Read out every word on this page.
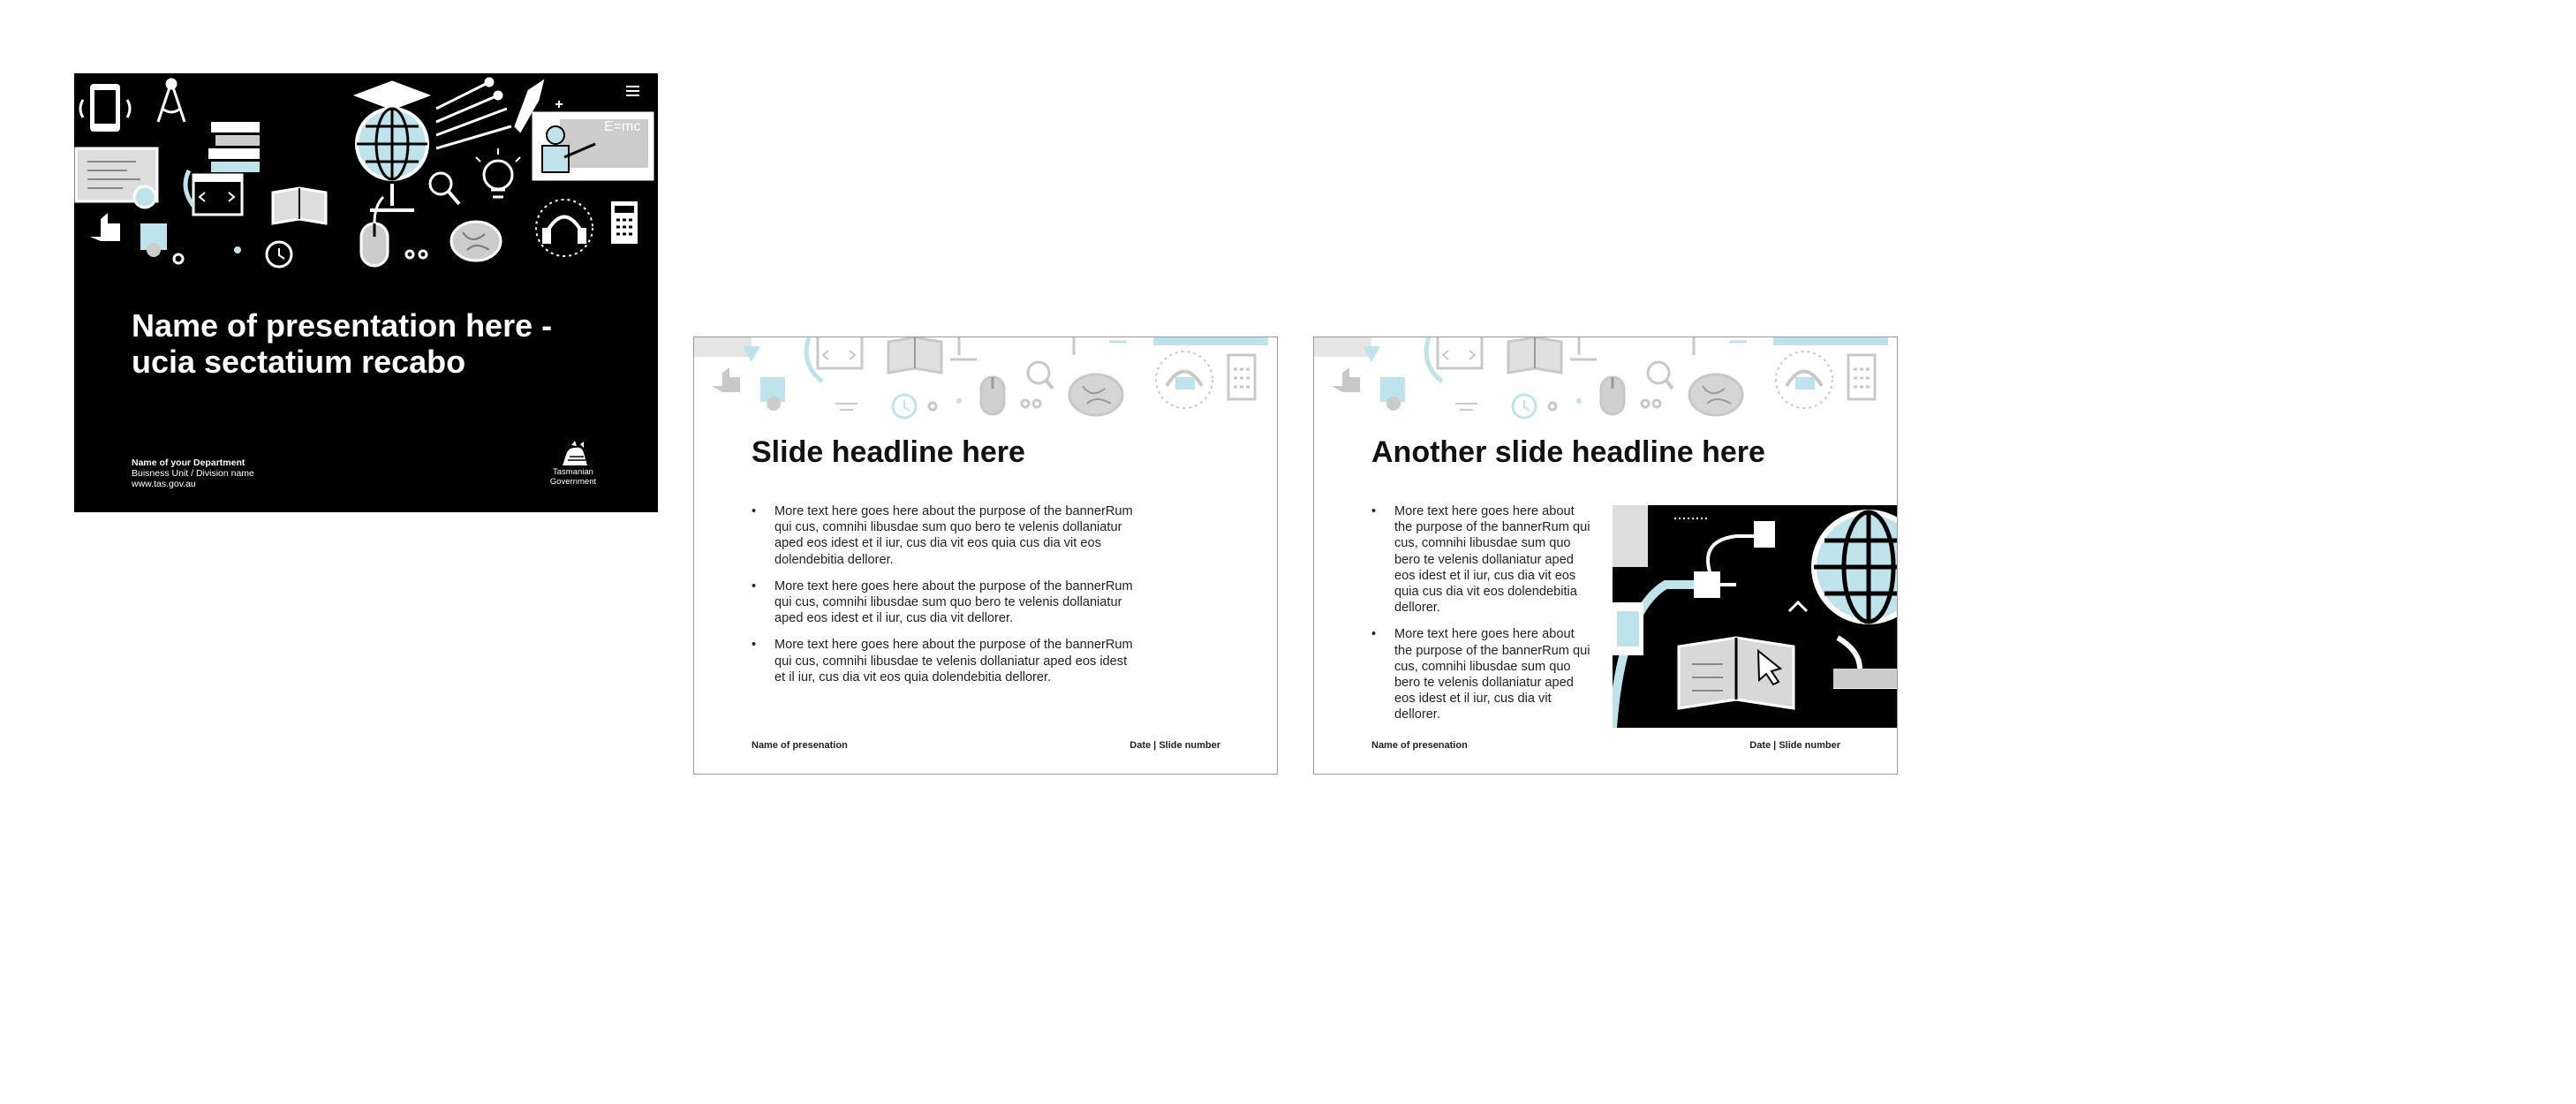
E=mc
Name of presentation here -
ucia sectatium recabo
Name of your Department
Buisness Unit / Division name
www.tas.gov.au
Tasmanian
Government
Slide headline here
• More text here goes here about the purpose of the bannerRum qui cus, comnihi libusdae sum quo bero te velenis dollaniatur aped eos idest et il iur, cus dia vit eos quia cus dia vit eos dolendebitia dellorer.
• More text here goes here about the purpose of the bannerRum qui cus, comnihi libusdae sum quo bero te velenis dollaniatur aped eos idest et il iur, cus dia vit dellorer.
• More text here goes here about the purpose of the bannerRum qui cus, comnihi libusdae te velenis dollaniatur aped eos idest et il iur, cus dia vit eos quia dolendebitia dellorer.
Name of presenation	Date | Slide number
Another slide headline here
• More text here goes here about the purpose of the bannerRum qui cus, comnihi libusdae sum quo bero te velenis dollaniatur aped eos idest et il iur, cus dia vit eos quia cus dia vit eos dolendebitia dellorer.
• More text here goes here about the purpose of the bannerRum qui cus, comnihi libusdae sum quo bero te velenis dollaniatur aped eos idest et il iur, cus dia vit dellorer.
Name of presenation	Date | Slide number
